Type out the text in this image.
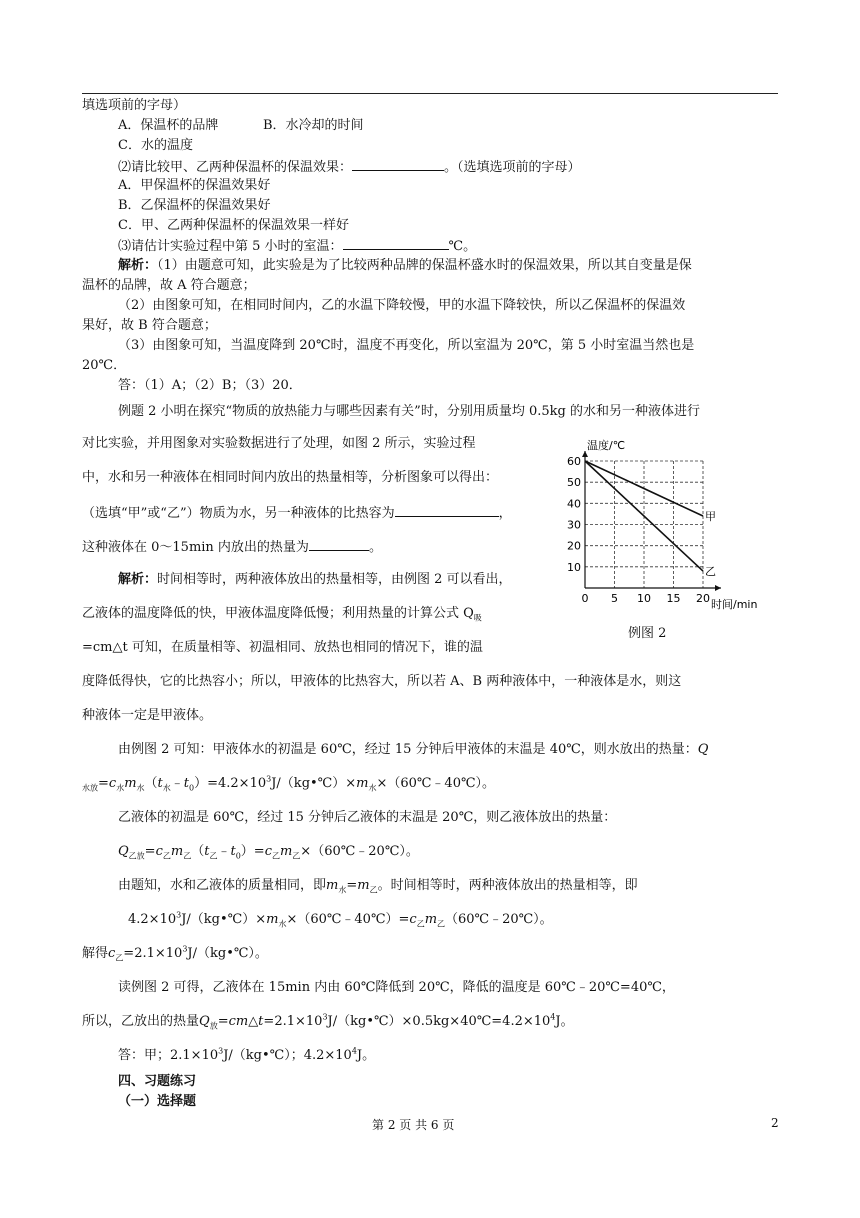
填选项前的字母）
A．保温杯的品牌	B．水冷却的时间
C．水的温度
⑵请比较甲、乙两种保温杯的保温效果：	。（选填选项前的字母）
A．甲保温杯的保温效果好
B．乙保温杯的保温效果好
C．甲、乙两种保温杯的保温效果一样好
⑶请估计实验过程中第 5 小时的室温：	℃。
解析：（1）由题意可知，此实验是为了比较两种品牌的保温杯盛水时的保温效果，所以其自变量是保
温杯的品牌，故 A 符合题意；
（2）由图象可知，在相同时间内，乙的水温下降较慢，甲的水温下降较快，所以乙保温杯的保温效
果好，故 B 符合题意；
（3）由图象可知，当温度降到 20℃时，温度不再变化，所以室温为 20℃，第 5 小时室温当然也是
20℃．
答：（1）A；（2）B；（3）20．
例题 2 小明在探究“物质的放热能力与哪些因素有关”时，分别用质量均 0.5kg 的水和另一种液体进行
对比实验，并用图象对实验数据进行了处理，如图 2 所示，实验过程
中，水和另一种液体在相同时间内放出的热量相等，分析图象可以得出：
（选填“甲”或“乙”）物质为水，另一种液体的比热容为	，
这种液体在 0～15min 内放出的热量为	。
解析：时间相等时，两种液体放出的热量相等，由例图 2 可以看出，
乙液体的温度降低的快，甲液体温度降低慢；利用热量的计算公式 $Q_吸$
=cm△t 可知，在质量相等、初温相同、放热也相同的情况下，谁的温
度降低得快，它的比热容小；所以，甲液体的比热容大，所以若 A、B 两种液体中，一种液体是水，则这
种液体一定是甲液体。
由例图 2 可知：甲液体水的初温是 60℃，经过 15 分钟后甲液体的末温是 40℃，则水放出的热量：Q
$_{水放}=c_水m_水(t_水﹣t_0)=4.2\times 10^3J/(kg•℃)\times m_水\times(60℃﹣40℃)$。
乙液体的初温是 60℃，经过 15 分钟后乙液体的末温是 20℃，则乙液体放出的热量：
$Q_{乙放}=c_乙m_乙(t_乙﹣t_0)=c_乙m_乙\times(60℃﹣20℃)$。
由题知，水和乙液体的质量相同，即$m_水=m_乙$。时间相等时，两种液体放出的热量相等，即
$4.2\times 10^3J/(kg•℃)\times m_水\times(60℃﹣40℃)=c_乙m_乙(60℃﹣20℃)$。
解得$c_乙=2.1\times 10^3J/(kg•℃)$。
读例图 2 可得，乙液体在 15min 内由 60℃降低到 20℃，降低的温度是 60℃﹣20℃=40℃，
所以，乙放出的热量$Q_放=cm\triangle t=2.1\times 10^3J/(kg•℃)\times 0.5kg\times 40℃=4.2\times 10^4J$。
答：甲；$2.1\times 10^3J/(kg•℃)$；$4.2\times 10^4J$。
四、习题练习
（一）选择题
10
20
30
40
50
60
0 5 10 15 20
甲
乙
温度/℃
时间/min
例图 2
第 2 页 共 6 页	2
